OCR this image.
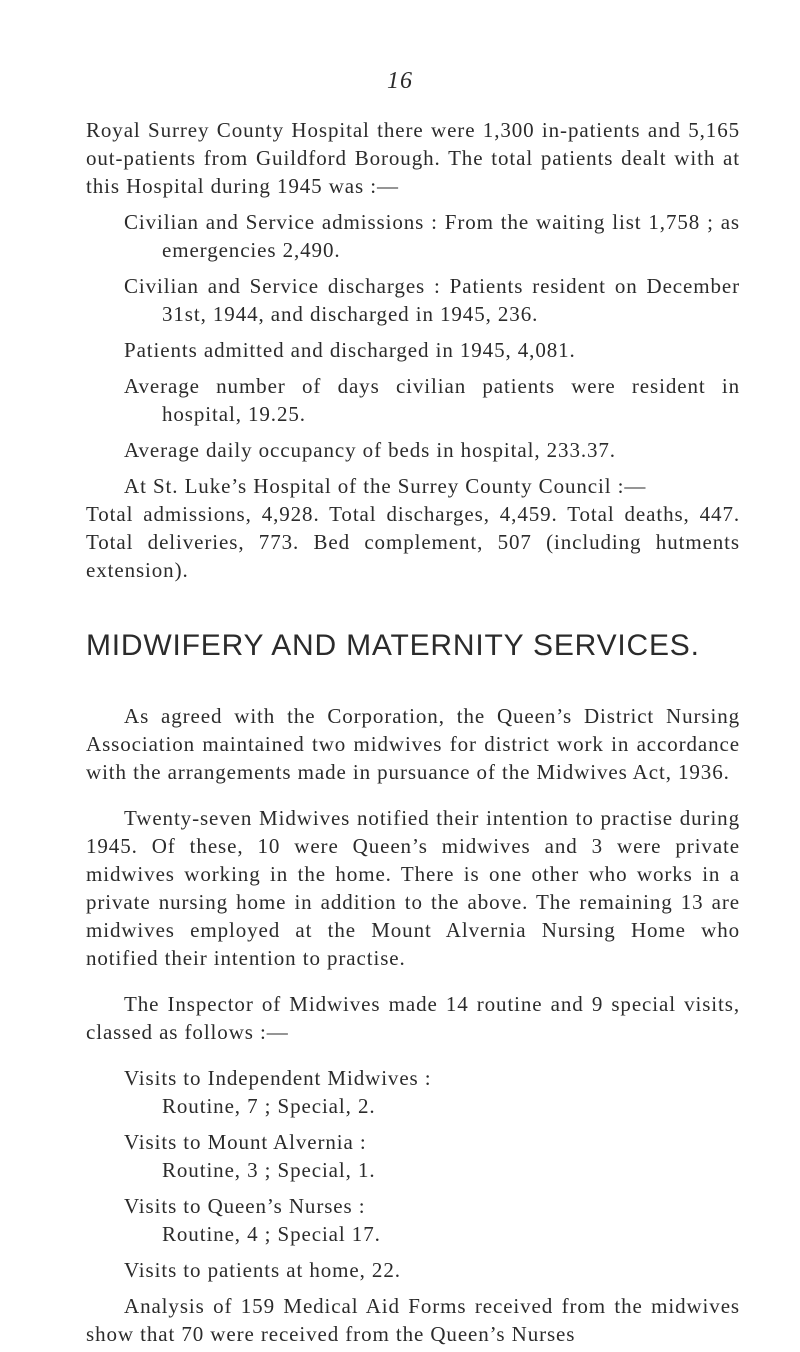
16

Royal Surrey County Hospital there were 1,300 in-patients and 5,165 out-patients from Guildford Borough. The total patients dealt with at this Hospital during 1945 was :—

Civilian and Service admissions : From the waiting list 1,758 ; as emergencies 2,490.

Civilian and Service discharges : Patients resident on December 31st, 1944, and discharged in 1945, 236.

Patients admitted and discharged in 1945, 4,081.

Average number of days civilian patients were resident in hospital, 19.25.

Average daily occupancy of beds in hospital, 233.37.

At St. Luke’s Hospital of the Surrey County Council :—

Total admissions, 4,928. Total discharges, 4,459. Total deaths, 447. Total deliveries, 773. Bed complement, 507 (including hutments extension).

MIDWIFERY AND MATERNITY SERVICES.

As agreed with the Corporation, the Queen’s District Nursing Association maintained two midwives for district work in accordance with the arrangements made in pursuance of the Midwives Act, 1936.

Twenty-seven Midwives notified their intention to practise during 1945. Of these, 10 were Queen’s midwives and 3 were private midwives working in the home. There is one other who works in a private nursing home in addition to the above. The remaining 13 are midwives employed at the Mount Alvernia Nursing Home who notified their intention to practise.

The Inspector of Midwives made 14 routine and 9 special visits, classed as follows :—

Visits to Independent Midwives :

Routine, 7 ; Special, 2.

Visits to Mount Alvernia :

Routine, 3 ; Special, 1.

Visits to Queen’s Nurses :

Routine, 4 ; Special 17.

Visits to patients at home, 22.

Analysis of 159 Medical Aid Forms received from the midwives show that 70 were received from the Queen’s Nurses
